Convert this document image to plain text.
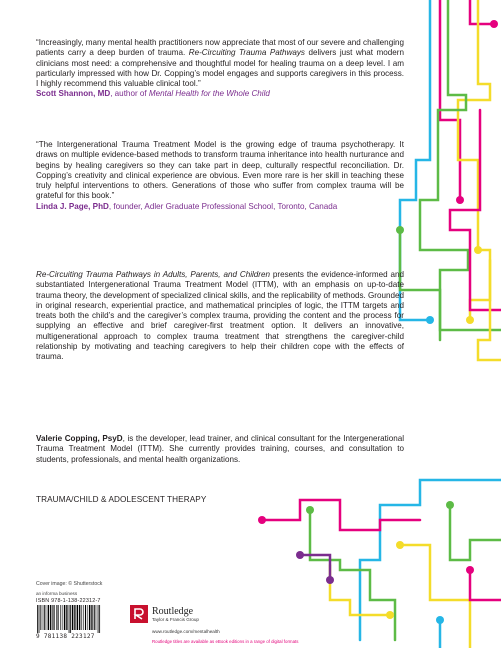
“Increasingly, many mental health practitioners now appreciate that most of our severe and challenging patients carry a deep burden of trauma. Re-Circuiting Trauma Pathways delivers just what modern clinicians most need: a comprehensive and thoughtful model for healing trauma on a deep level. I am particularly impressed with how Dr. Copping’s model engages and supports caregivers in this process. I highly recommend this valuable clinical tool.”
Scott Shannon, MD, author of Mental Health for the Whole Child

“The Intergenerational Trauma Treatment Model is the growing edge of trauma psychotherapy. It draws on multiple evidence-based methods to transform trauma inheritance into health nurturance and begins by healing caregivers so they can take part in deep, culturally respectful reconciliation. Dr. Copping’s creativity and clinical experience are obvious. Even more rare is her skill in teaching these truly helpful interventions to others. Generations of those who suffer from complex trauma will be grateful for this book.”
Linda J. Page, PhD, founder, Adler Graduate Professional School, Toronto, Canada

Re-Circuiting Trauma Pathways in Adults, Parents, and Children presents the evidence-informed and substantiated Intergenerational Trauma Treatment Model (ITTM), with an emphasis on up-to-date trauma theory, the development of specialized clinical skills, and the replicability of methods. Grounded in original research, experiential practice, and mathematical principles of logic, the ITTM targets and treats both the child’s and the caregiver’s complex trauma, providing the content and the process for supplying an effective and brief caregiver-first treatment option. It delivers an innovative, multigenerational approach to complex trauma treatment that strengthens the caregiver-child relationship by motivating and teaching caregivers to help their children cope with the effects of trauma.

Valerie Copping, PsyD, is the developer, lead trainer, and clinical consultant for the Intergenerational Trauma Treatment Model (ITTM). She currently provides training, courses, and consultation to students, professionals, and mental health organizations.

TRAUMA/CHILD & ADOLESCENT THERAPY
Cover image: © Shutterstock
an informa business
ISBN 978-1-138-22312-7
9 781138 223127
Routledge
Taylor & Francis Group
www.routledge.com/mentalhealth
Routledge titles are available as eBook editions in a range of digital formats
